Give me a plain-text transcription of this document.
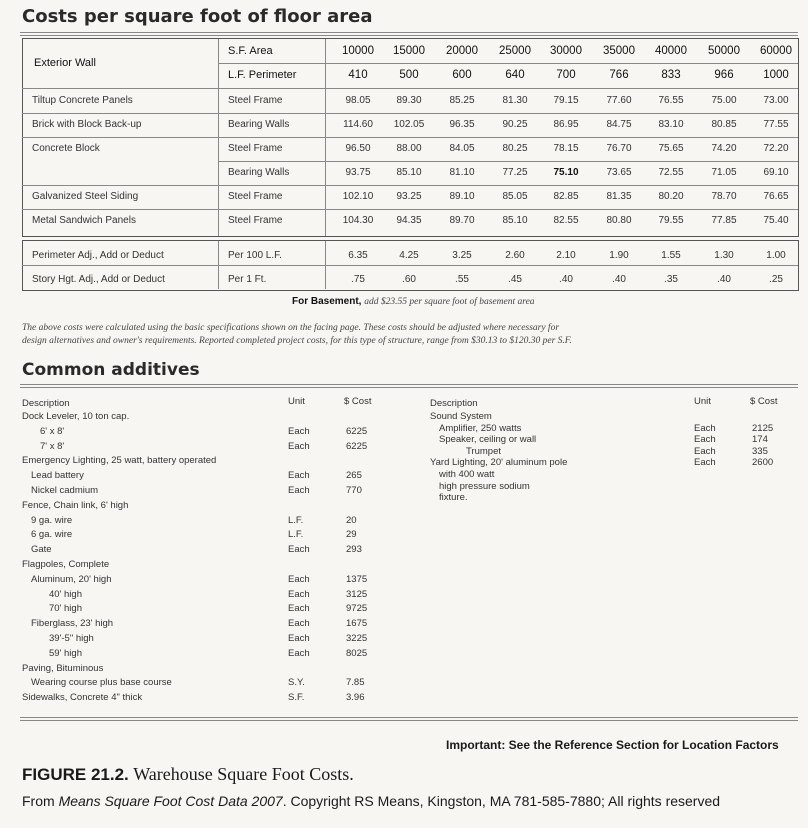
Costs per square foot of floor area
Exterior Wall
S.F. Area
L.F. Perimeter
10000	15000	20000	25000	30000	35000	40000	50000	60000
410	500	600	640	700	766	833	966	1000
Tiltup Concrete Panels	Steel Frame	98.05	89.30	85.25	81.30	79.15	77.60	76.55	75.00	73.00
Brick with Block Back-up	Bearing Walls	114.60	102.05	96.35	90.25	86.95	84.75	83.10	80.85	77.55
Concrete Block	Steel Frame	96.50	88.00	84.05	80.25	78.15	76.70	75.65	74.20	72.20
Bearing Walls	93.75	85.10	81.10	77.25	75.10	73.65	72.55	71.05	69.10
Galvanized Steel Siding	Steel Frame	102.10	93.25	89.10	85.05	82.85	81.35	80.20	78.70	76.65
Metal Sandwich Panels	Steel Frame	104.30	94.35	89.70	85.10	82.55	80.80	79.55	77.85	75.40
Perimeter Adj., Add or Deduct	Per 100 L.F.	6.35	4.25	3.25	2.60	2.10	1.90	1.55	1.30	1.00
Story Hgt. Adj., Add or Deduct	Per 1 Ft.	.75	.60	.55	.45	.40	.40	.35	.40	.25
For Basement, add $23.55 per square foot of basement area
The above costs were calculated using the basic specifications shown on the facing page. These costs should be adjusted where necessary for
design alternatives and owner's requirements. Reported completed project costs, for this type of structure, range from $30.13 to $120.30 per S.F.
Common additives
Description	Unit	$ Cost	Description	Unit	$ Cost
Dock Leveler, 10 ton cap.
6' x 8'	Each	6225
7' x 8'	Each	6225
Emergency Lighting, 25 watt, battery operated
Lead battery	Each	265
Nickel cadmium	Each	770
Fence, Chain link, 6' high
9 ga. wire	L.F.	20
6 ga. wire	L.F.	29
Gate	Each	293
Flagpoles, Complete
Aluminum, 20' high	Each	1375
40' high	Each	3125
70' high	Each	9725
Fiberglass, 23' high	Each	1675
39'-5" high	Each	3225
59' high	Each	8025
Paving, Bituminous
Wearing course plus base course	S.Y.	7.85
Sidewalks, Concrete 4" thick	S.F.	3.96
Sound System
Amplifier, 250 watts	Each	2125
Speaker, ceiling or wall	Each	174
Trumpet	Each	335
Yard Lighting, 20' aluminum pole	Each	2600
with 400 watt
high pressure sodium
fixture.
Important: See the Reference Section for Location Factors
FIGURE 21.2. Warehouse Square Foot Costs.
From Means Square Foot Cost Data 2007. Copyright RS Means, Kingston, MA 781-585-7880; All rights reserved
